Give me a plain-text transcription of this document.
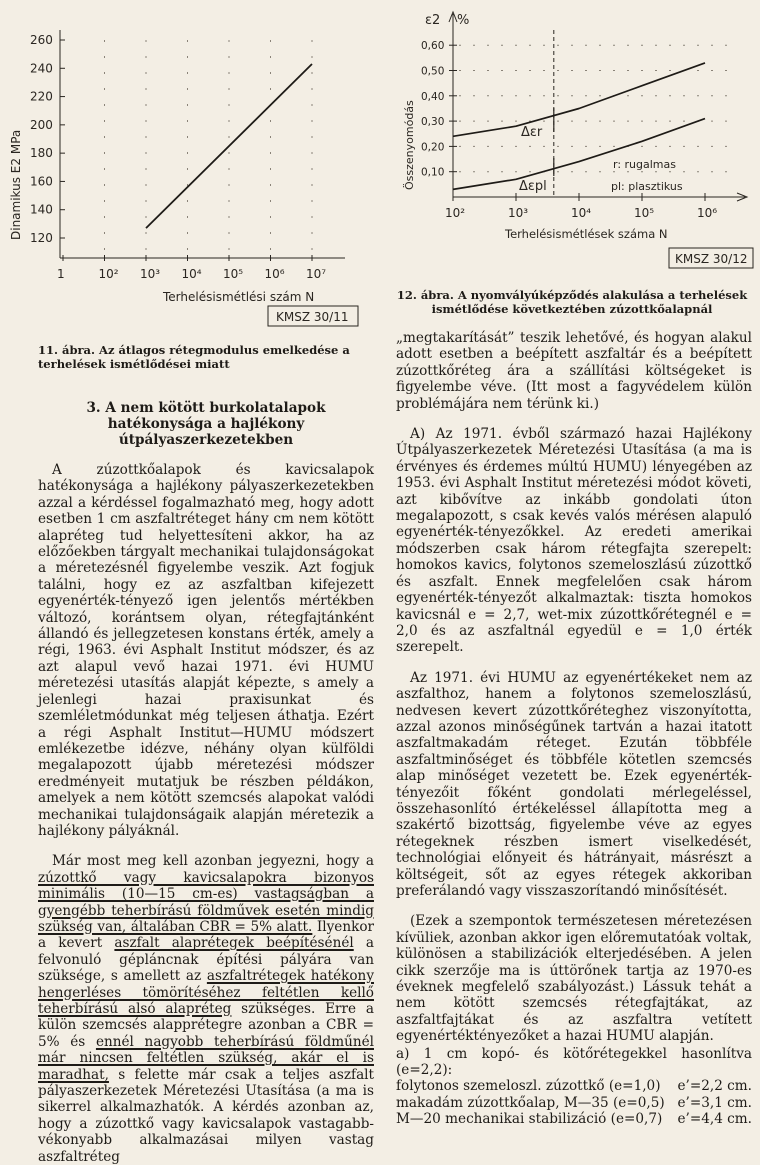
120
140
160
180
200
220
240
260
1	10² 10³ 10⁴ 10⁵ 10⁶ 10⁷
Dinamikus E2 MPa
Terhelésismétlési szám N
KMSZ 30/11
0,10
0,20
0,30
0,40
0,50
0,60
10²	10³	10⁴	10⁵	10⁶
ε2 %
Összenyomódás
Terhelésismétlések száma N
Δεr
Δεpl
r: rugalmas
pl: plasztikus
KMSZ 30/12
11. ábra. Az átlagos rétegmodulus emelkedése a terhelések ismétlődései miatt
12. ábra. A nyomvályúképződés alakulása a terhelések ismétlődése következtében zúzottkőalapnál
3. A nem kötött burkolatalapok hatékonysága a hajlékony útpályaszerkezetekben

A zúzottkőalapok és kavicsalapok hatékonysága a hajlékony pályaszerkezetekben azzal a kérdéssel fogalmazható meg, hogy adott esetben 1 cm aszfaltréteget hány cm nem kötött alapréteg tud helyettesíteni akkor, ha az előzőekben tárgyalt mechanikai tulajdonságokat a méretezésnél figyelembe veszik. Azt fogjuk találni, hogy ez az aszfaltban kifejezett egyenérték-tényező igen jelentős mértékben változó, korántsem olyan, rétegfajtánként állandó és jellegzetesen konstans érték, amely a régi, 1963. évi Asphalt Institut módszer, és az azt alapul vevő hazai 1971. évi HUMU méretezési utasítás alapját képezte, s amely a jelenlegi hazai praxisunkat és szemléletmódunkat még teljesen áthatja. Ezért a régi Asphalt Institut—HUMU módszert emlékezetbe idézve, néhány olyan külföldi megalapozott újabb méretezési módszer eredményeit mutatjuk be részben példákon, amelyek a nem kötött szemcsés alapokat valódi mechanikai tulajdonságaik alapján méretezik a hajlékony pályáknál.

Már most meg kell azonban jegyezni, hogy a zúzottkő vagy kavicsalapokra bizonyos minimális (10—15 cm-es) vastagságban a gyengébb teherbírású földművek esetén mindig szükség van, általában CBR = 5% alatt. Ilyenkor a kevert aszfalt alaprétegek beépítésénél a felvonuló gépláncnak építési pályára van szüksége, s amellett az aszfaltrétegek hatékony hengerléses tömörítéséhez feltétlen kellő teherbírású alsó alapréteg szükséges. Erre a külön szemcsés alapprétegre azonban a CBR = 5% és ennél nagyobb teherbírású földműnél már nincsen feltétlen szükség, akár el is maradhat, s felette már csak a teljes aszfalt pályaszerkezetek Méretezési Utasítása (a ma is sikerrel alkalmazhatók. A kérdés azonban az, hogy a zúzottkő vagy kavicsalapok vastagabb-vékonyabb alkalmazásai milyen vastag aszfaltréteg

„megtakarítását” teszik lehetővé, és hogyan alakul adott esetben a beépített aszfaltár és a beépített zúzottkőréteg ára a szállítási költségeket is figyelembe véve. (Itt most a fagyvédelem külön problémájára nem térünk ki.)

A) Az 1971. évből származó hazai Hajlékony Útpályaszerkezetek Méretezési Utasítása (a ma is érvényes és érdemes múltú HUMU) lényegében az 1953. évi Asphalt Institut méretezési módot követi, azt kibővítve az inkább gondolati úton megalapozott, s csak kevés valós mérésen alapuló egyenérték-tényezőkkel. Az eredeti amerikai módszerben csak három rétegfajta szerepelt: homokos kavics, folytonos szemeloszlású zúzottkő és aszfalt. Ennek megfelelően csak három egyenérték-tényezőt alkalmaztak: tiszta homokos kavicsnál e = 2,7, wet-mix zúzottkőrétegnél e = 2,0 és az aszfaltnál egyedül e = 1,0 érték szerepelt.

Az 1971. évi HUMU az egyenértékeket nem az aszfalthoz, hanem a folytonos szemeloszlású, nedvesen kevert zúzottkőréteghez viszonyította, azzal azonos minőségűnek tartván a hazai itatott aszfaltmakadám réteget. Ezután többféle aszfaltminőséget és többféle kötetlen szemcsés alap minőséget vezetett be. Ezek egyenérték-tényezőit főként gondolati mérlegeléssel, összehasonlító értékeléssel állapította meg a szakértő bizottság, figyelembe véve az egyes rétegeknek részben ismert viselkedését, technológiai előnyeit és hátrányait, másrészt a költségeit, sőt az egyes rétegek akkoriban preferálandó vagy visszaszorítandó minősítését.

(Ezek a szempontok természetesen méretezésen kívüliek, azonban akkor igen előremutatóak voltak, különösen a stabilizációk elterjedésében. A jelen cikk szerzője ma is úttörőnek tartja az 1970-es éveknek megfelelő szabályozást.) Lássuk tehát a nem kötött szemcsés rétegfajtákat, az aszfaltfajtákat és az aszfaltra vetített egyenértéktényezőket a hazai HUMU alapján.

a) 1 cm kopó- és kötőrétegekkel hasonlítva (e=2,2):
folytonos szemeloszl. zúzottkő (e=1,0) e’=2,2 cm.
makadám zúzottkőalap, M—35 (e=0,5) e’=3,1 cm.
M—20 mechanikai stabilizáció (e=0,7) e’=4,4 cm.
